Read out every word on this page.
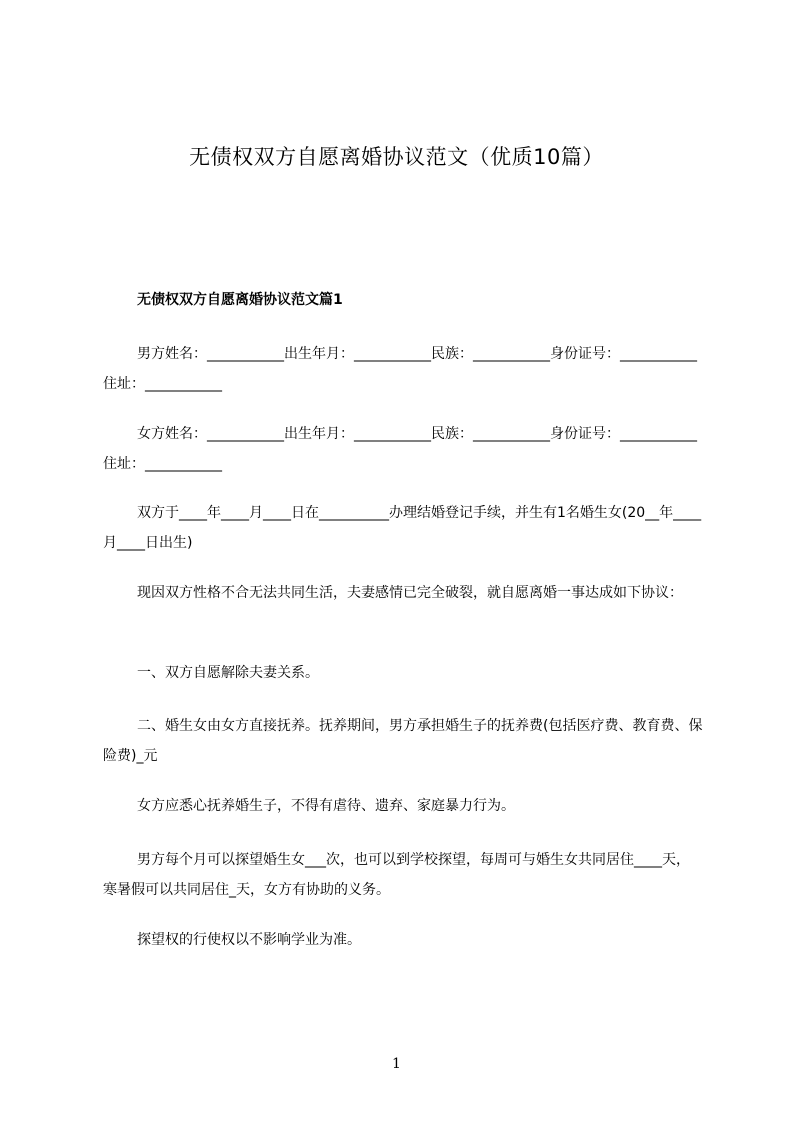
无债权双方自愿离婚协议范文（优质10篇）
无债权双方自愿离婚协议范文篇1

男方姓名：___________出生年月：___________民族：___________身份证号：___________住址：___________

女方姓名：___________出生年月：___________民族：___________身份证号：___________住址：___________

双方于____年____月____日在__________办理结婚登记手续，并生有1名婚生女(20__年____月____日出生)

现因双方性格不合无法共同生活，夫妻感情已完全破裂，就自愿离婚一事达成如下协议：

一、双方自愿解除夫妻关系。

二、婚生女由女方直接抚养。抚养期间，男方承担婚生子的抚养费(包括医疗费、教育费、保险费)_元

女方应悉心抚养婚生子，不得有虐待、遗弃、家庭暴力行为。

男方每个月可以探望婚生女___次，也可以到学校探望，每周可与婚生女共同居住____天，寒暑假可以共同居住_天，女方有协助的义务。

探望权的行使权以不影响学业为准。

1
